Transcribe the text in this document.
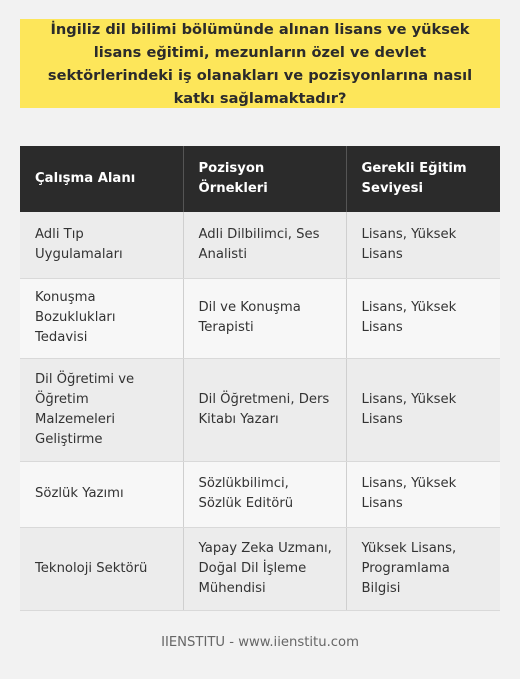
İngiliz dil bilimi bölümünde alınan lisans ve yüksek lisans eğitimi, mezunların özel ve devlet sektörlerindeki iş olanakları ve pozisyonlarına nasıl katkı sağlamaktadır?
Çalışma Alanı	Pozisyon Örnekleri	Gerekli Eğitim Seviyesi
Adli Tıp Uygulamaları	Adli Dilbilimci, Ses Analisti	Lisans, Yüksek Lisans
Konuşma Bozuklukları Tedavisi	Dil ve Konuşma Terapisti	Lisans, Yüksek Lisans
Dil Öğretimi ve Öğretim Malzemeleri Geliştirme	Dil Öğretmeni, Ders Kitabı Yazarı	Lisans, Yüksek Lisans
Sözlük Yazımı	Sözlükbilimci, Sözlük Editörü	Lisans, Yüksek Lisans
Teknoloji Sektörü	Yapay Zeka Uzmanı, Doğal Dil İşleme Mühendisi	Yüksek Lisans, Programlama Bilgisi
IIENSTITU - www.iienstitu.com
